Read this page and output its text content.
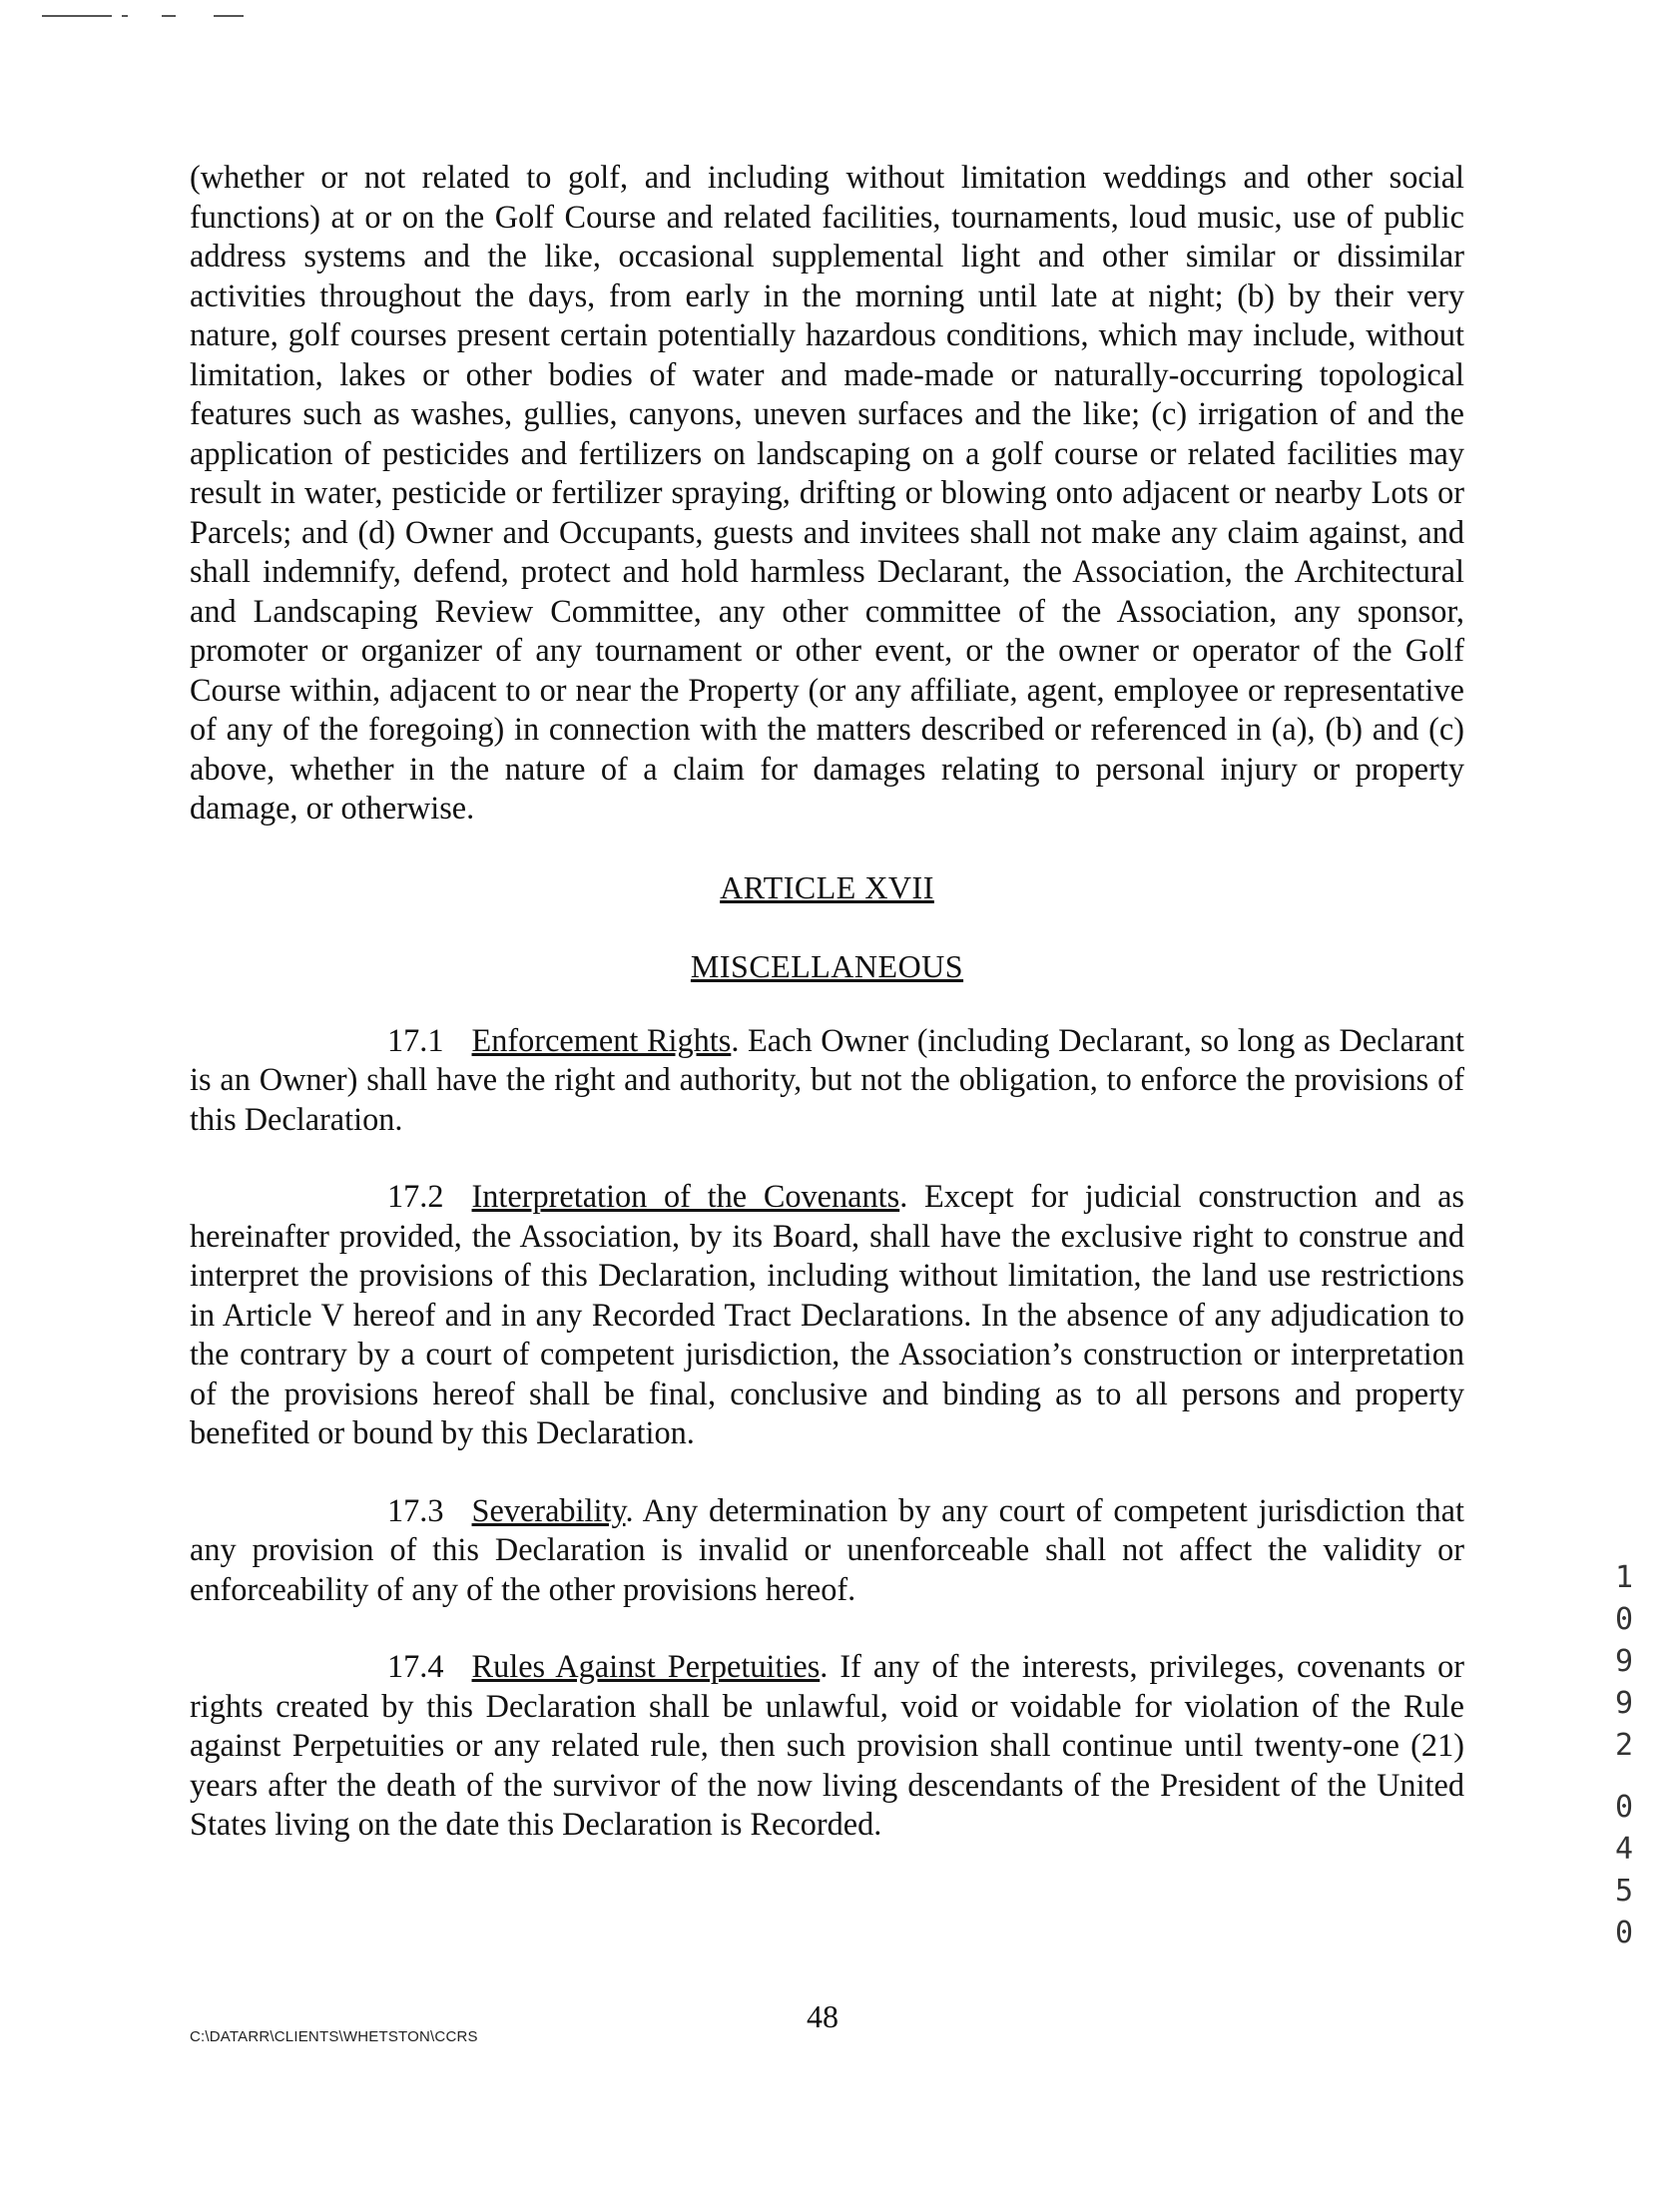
(whether or not related to golf, and including without limitation weddings and other social functions) at or on the Golf Course and related facilities, tournaments, loud music, use of public address systems and the like, occasional supplemental light and other similar or dissimilar activities throughout the days, from early in the morning until late at night; (b) by their very nature, golf courses present certain potentially hazardous conditions, which may include, without limitation, lakes or other bodies of water and made-made or naturally-occurring topological features such as washes, gullies, canyons, uneven surfaces and the like; (c) irrigation of and the application of pesticides and fertilizers on landscaping on a golf course or related facilities may result in water, pesticide or fertilizer spraying, drifting or blowing onto adjacent or nearby Lots or Parcels; and (d) Owner and Occupants, guests and invitees shall not make any claim against, and shall indemnify, defend, protect and hold harmless Declarant, the Association, the Architectural and Landscaping Review Committee, any other committee of the Association, any sponsor, promoter or organizer of any tournament or other event, or the owner or operator of the Golf Course within, adjacent to or near the Property (or any affiliate, agent, employee or representative of any of the foregoing) in connection with the matters described or referenced in (a), (b) and (c) above, whether in the nature of a claim for damages relating to personal injury or property damage, or otherwise.

ARTICLE XVII

MISCELLANEOUS

17.1 Enforcement Rights. Each Owner (including Declarant, so long as Declarant is an Owner) shall have the right and authority, but not the obligation, to enforce the provisions of this Declaration.

17.2 Interpretation of the Covenants. Except for judicial construction and as hereinafter provided, the Association, by its Board, shall have the exclusive right to construe and interpret the provisions of this Declaration, including without limitation, the land use restrictions in Article V hereof and in any Recorded Tract Declarations. In the absence of any adjudication to the contrary by a court of competent jurisdiction, the Association’s construction or interpretation of the provisions hereof shall be final, conclusive and binding as to all persons and property benefited or bound by this Declaration.

17.3 Severability. Any determination by any court of competent jurisdiction that any provision of this Declaration is invalid or unenforceable shall not affect the validity or enforceability of any of the other provisions hereof.

17.4 Rules Against Perpetuities. If any of the interests, privileges, covenants or rights created by this Declaration shall be unlawful, void or voidable for violation of the Rule against Perpetuities or any related rule, then such provision shall continue until twenty-one (21) years after the death of the survivor of the now living descendants of the President of the United States living on the date this Declaration is Recorded.

1
0
9
9
2
0
4
5
0
C:\DATARR\CLIENTS\WHETSTON\CCRS
48
